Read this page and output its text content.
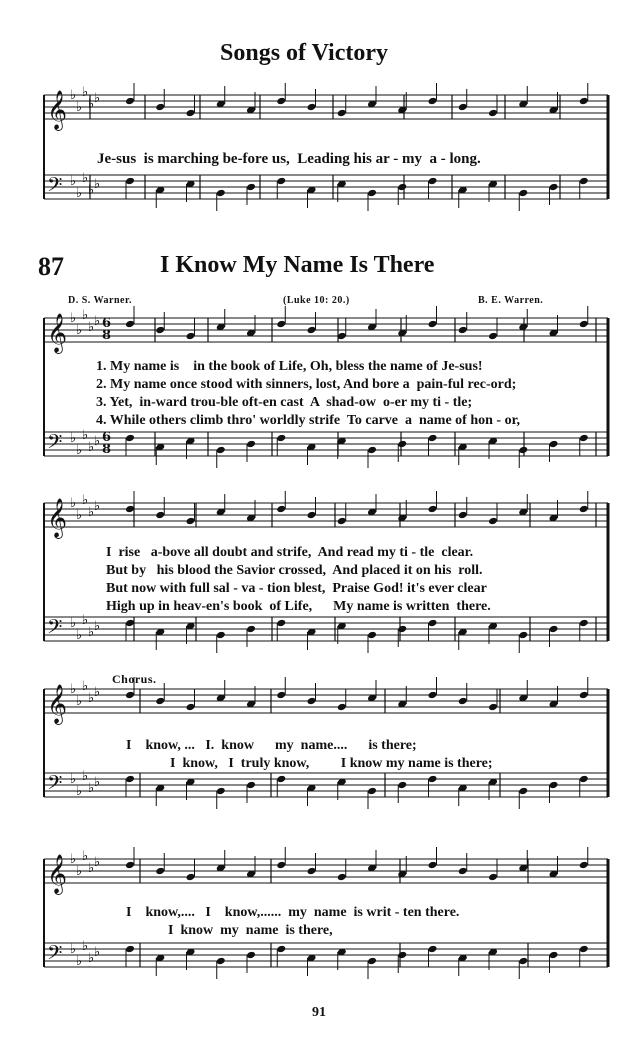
Songs of Victory
87	I Know My Name Is There
D. S. Warner.	(Luke 10: 20.)	B. E. Warren.
Chorus.
Je-sus  is marching be-fore us,  Leading his ar - my  a - long.
1. My name is    in the book of Life, Oh, bless the name of Je-sus!
2. My name once stood with sinners, lost, And bore a  pain-ful rec-ord;
3. Yet,  in-ward trou-ble oft-en cast  A  shad-ow  o-er my ti - tle;
4. While others climb thro' worldly strife  To carve  a  name of hon - or,
I  rise   a-bove all doubt and strife,  And read my ti - tle  clear.
But by   his blood the Savior crossed,  And placed it on his  roll.
But now with full sal - va - tion blest,  Praise God! it's ever clear
High up in heav-en's book  of Life,      My name is written  there.
I    know, ...   I.  know      my  name....      is there;
I  know,   I  truly know,         I know my name is there;
I    know,....   I    know,......  my  name  is writ - ten there.
I  know  my  name  is there,
91
𝄞 ♭
♭
♭
♭ ♭
𝄢 ♭
♭
♭
♭ ♭
𝄞 ♭
♭
♭
♭ ♭
𝄢 ♭
♭
♭
♭ ♭
𝄞 ♭
♭
♭
♭ ♭
𝄢 ♭
♭
♭
♭ ♭
𝄞 ♭
♭
♭
♭ ♭
𝄢 ♭
♭
♭
♭ ♭
𝄞 ♭
♭
♭
♭ ♭
𝄢 ♭
♭
♭
♭ ♭
6
8
6
8
